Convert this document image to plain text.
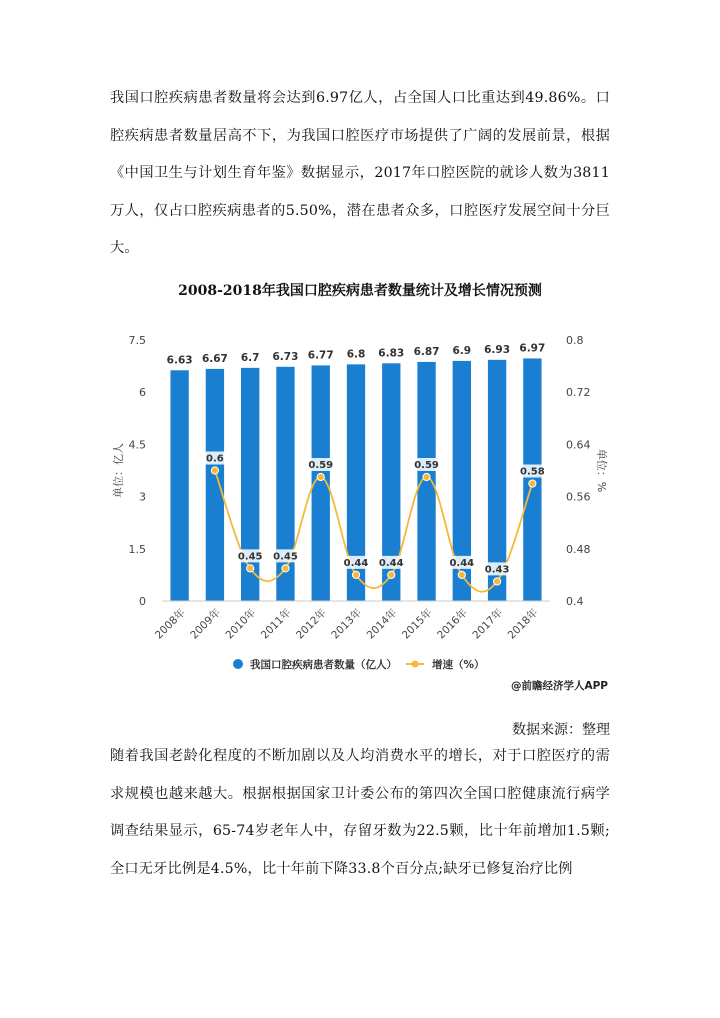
我国口腔疾病患者数量将会达到6.97亿人，占全国人口比重达到49.86%。口腔疾病患者数量居高不下，为我国口腔医疗市场提供了广阔的发展前景，根据《中国卫生与计划生育年鉴》数据显示，2017年口腔医院的就诊人数为3811万人，仅占口腔疾病患者的5.50%，潜在患者众多，口腔医疗发展空间十分巨大。

2008-2018年我国口腔疾病患者数量统计及增长情况预测
0
1.5
3
4.5
6
7.5
0.4
0.48
0.56
0.64
0.72
0.8
单位：亿人	单位：%
6.63 6.67 6.7 6.73 6.77 6.8 6.83 6.87 6.9 6.93 6.97
0.6
0.45 0.45
0.59
0.44 0.44
0.59
0.44
0.43
0.58
2008年 2009年 2010年 2011年 2012年 2013年 2014年 2015年 2016年 2017年 2018年
我国口腔疾病患者数量（亿人）	增速（%）
@前瞻经济学人APP
数据来源：整理

随着我国老龄化程度的不断加剧以及人均消费水平的增长，对于口腔医疗的需求规模也越来越大。根据根据国家卫计委公布的第四次全国口腔健康流行病学调查结果显示，65-74岁老年人中，存留牙数为22.5颗，比十年前增加1.5颗;全口无牙比例是4.5%，比十年前下降33.8个百分点;缺牙已修复治疗比例
